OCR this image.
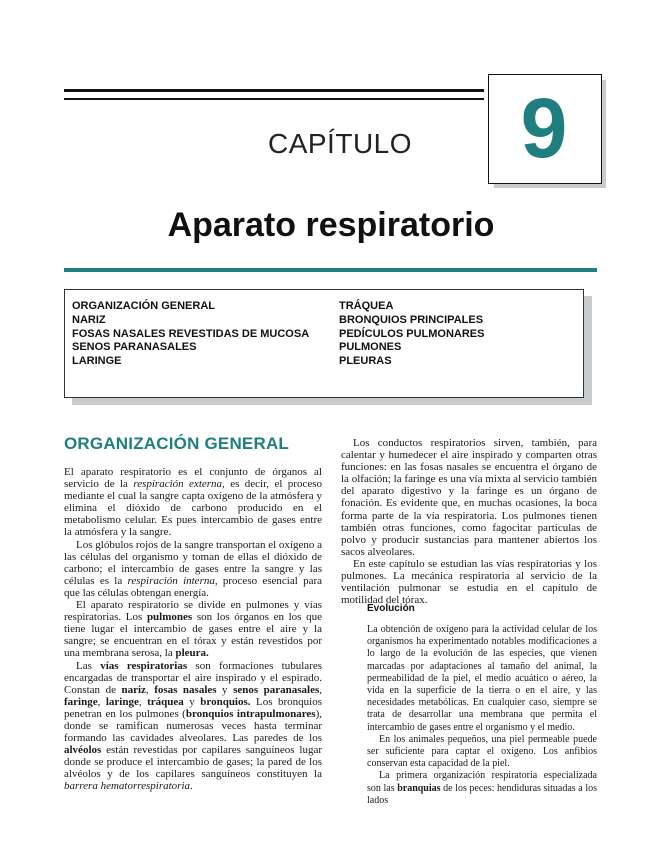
CAPÍTULO	9
Aparato respiratorio
ORGANIZACIÓN GENERAL
NARIZ
FOSAS NASALES REVESTIDAS DE MUCOSA
SENOS PARANASALES
LARINGE
TRÁQUEA
BRONQUIOS PRINCIPALES
PEDÍCULOS PULMONARES
PULMONES
PLEURAS
ORGANIZACIÓN GENERAL

El aparato respiratorio es el conjunto de órganos al servicio de la respiración externa, es decir, el proceso mediante el cual la sangre capta oxígeno de la atmósfera y elimina el dióxido de carbono producido en el metabolismo celular. Es pues intercambio de gases entre la atmósfera y la sangre.

Los glóbulos rojos de la sangre transportan el oxígeno a las células del organismo y toman de ellas el dióxido de carbono; el intercambio de gases entre la sangre y las células es la respiración interna, proceso esencial para que las células obtengan energía.

El aparato respiratorio se divide en pulmones y vías respiratorias. Los pulmones son los órganos en los que tiene lugar el intercambio de gases entre el aire y la sangre; se encuentran en el tórax y están revestidos por una membrana serosa, la pleura.

Las vías respiratorias son formaciones tubulares encargadas de transportar el aire inspirado y el espirado. Constan de nariz, fosas nasales y senos paranasales, faringe, laringe, tráquea y bronquios. Los bronquios penetran en los pulmones (bronquios intrapulmonares), donde se ramifican numerosas veces hasta terminar formando las cavidades alveolares. Las paredes de los alvéolos están revestidas por capilares sanguíneos lugar donde se produce el intercambio de gases; la pared de los alvéolos y de los capilares sanguíneos constituyen la barrera hematorrespiratoria.

Los conductos respiratorios sirven, también, para calentar y humedecer el aire inspirado y comparten otras funciones: en las fosas nasales se encuentra el órgano de la olfación; la faringe es una vía mixta al servicio también del aparato digestivo y la faringe es un órgano de fonación. Es evidente que, en muchas ocasiones, la boca forma parte de la vía respiratoria. Los pulmones tienen también otras funciones, como fagocitar partículas de polvo y producir sustancias para mantener abiertos los sacos alveolares.

En este capítulo se estudian las vías respiratorias y los pulmones. La mecánica respiratoria al servicio de la ventilación pulmonar se estudia en el capítulo de motilidad del tórax.

Evolución

La obtención de oxígeno para la actividad celular de los organismos ha experimentado notables modificaciones a lo largo de la evolución de las especies, que vienen marcadas por adaptaciones al tamaño del animal, la permeabilidad de la piel, el medio acuático o aéreo, la vida en la superficie de la tierra o en el aire, y las necesidades metabólicas. En cualquier caso, siempre se trata de desarrollar una membrana que permita el intercambio de gases entre el organismo y el medio.

En los animales pequeños, una piel permeable puede ser suficiente para captar el oxígeno. Los anfibios conservan esta capacidad de la piel.

La primera organización respiratoria especializada son las branquias de los peces: hendiduras situadas a los lados
